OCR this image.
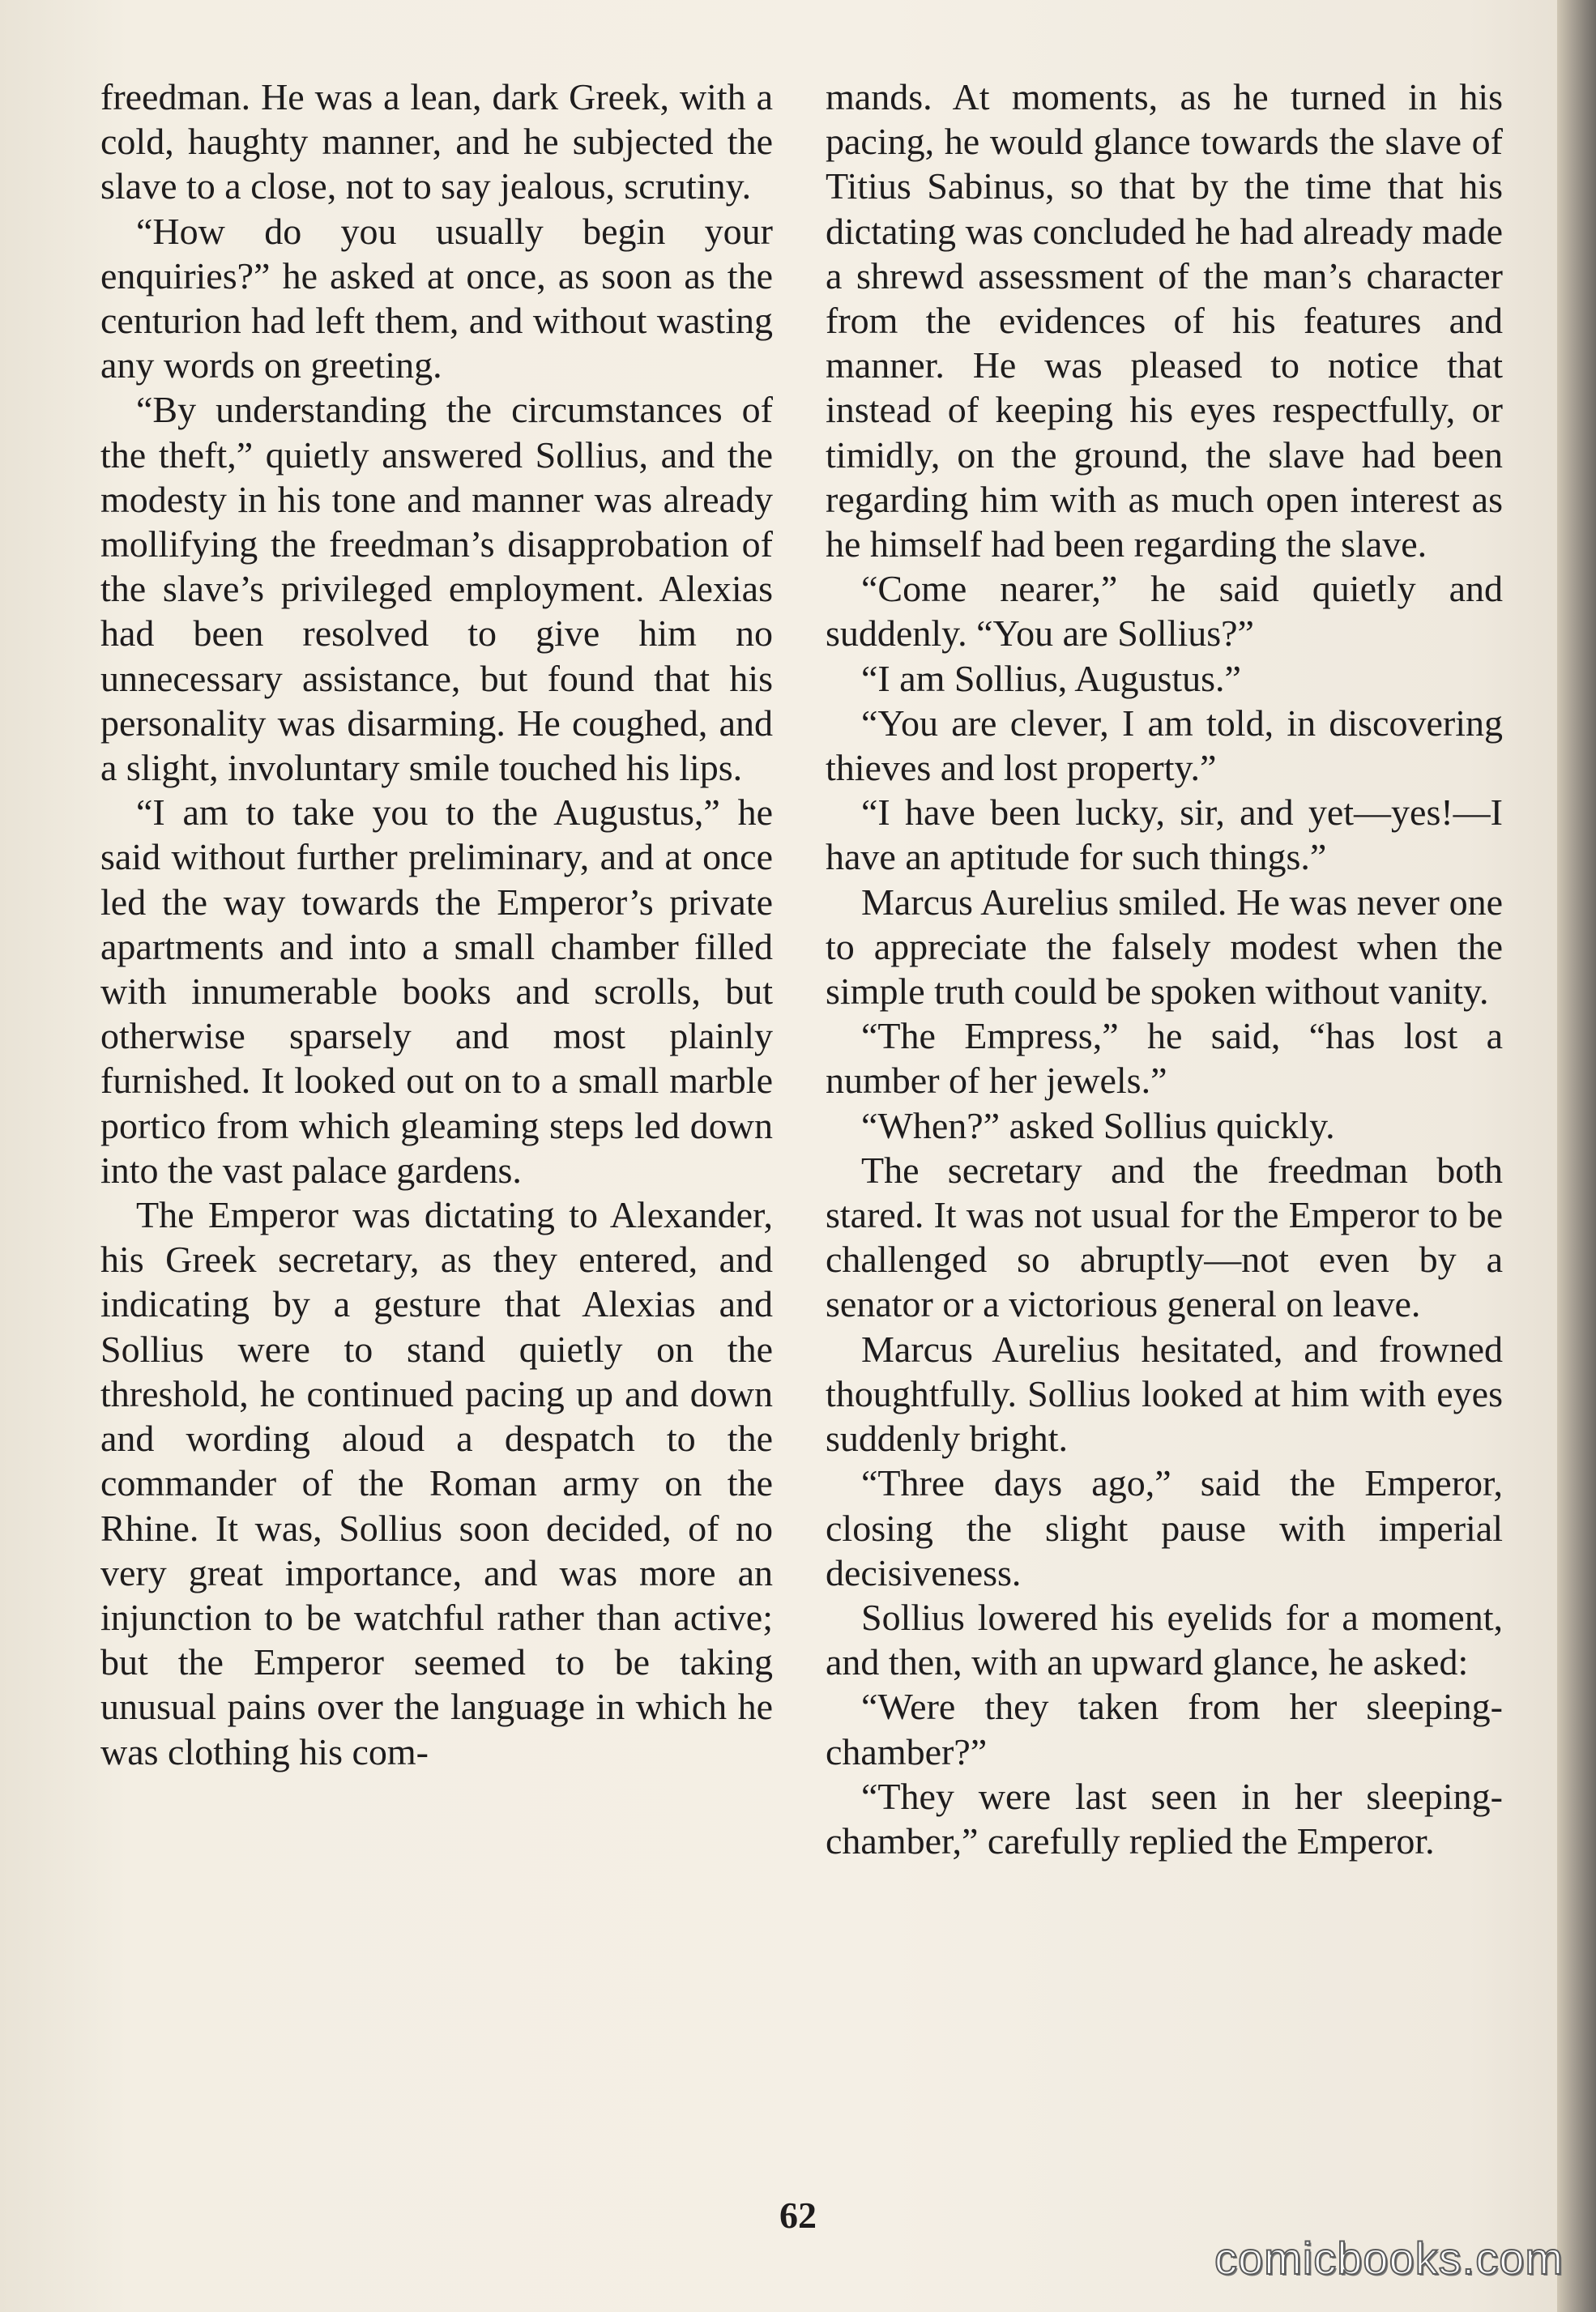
freedman. He was a lean, dark Greek, with a cold, haughty manner, and he subjected the slave to a close, not to say jealous, scrutiny.

“How do you usually begin your enquiries?” he asked at once, as soon as the centurion had left them, and without wasting any words on greeting.

“By understanding the circumstances of the theft,” quietly answered Sollius, and the modesty in his tone and manner was already mollifying the freedman’s disapprobation of the slave’s privileged employment. Alexias had been resolved to give him no unnecessary assistance, but found that his personality was disarming. He coughed, and a slight, involuntary smile touched his lips.

“I am to take you to the Augustus,” he said without further preliminary, and at once led the way towards the Emperor’s private apartments and into a small chamber filled with innumerable books and scrolls, but otherwise sparsely and most plainly furnished. It looked out on to a small marble portico from which gleaming steps led down into the vast palace gardens.

The Emperor was dictating to Alexander, his Greek secretary, as they entered, and indicating by a gesture that Alexias and Sollius were to stand quietly on the threshold, he continued pacing up and down and wording aloud a despatch to the commander of the Roman army on the Rhine. It was, Sollius soon decided, of no very great importance, and was more an injunction to be watchful rather than active; but the Emperor seemed to be taking unusual pains over the language in which he was clothing his com-

mands. At moments, as he turned in his pacing, he would glance towards the slave of Titius Sabinus, so that by the time that his dictating was concluded he had already made a shrewd assessment of the man’s character from the evidences of his features and manner. He was pleased to notice that instead of keeping his eyes respectfully, or timidly, on the ground, the slave had been regarding him with as much open interest as he himself had been regarding the slave.

“Come nearer,” he said quietly and suddenly. “You are Sollius?”

“I am Sollius, Augustus.”

“You are clever, I am told, in discovering thieves and lost property.”

“I have been lucky, sir, and yet—yes!—I have an aptitude for such things.”

Marcus Aurelius smiled. He was never one to appreciate the falsely modest when the simple truth could be spoken without vanity.

“The Empress,” he said, “has lost a number of her jewels.”

“When?” asked Sollius quickly.

The secretary and the freedman both stared. It was not usual for the Emperor to be challenged so abruptly—not even by a senator or a victorious general on leave.

Marcus Aurelius hesitated, and frowned thoughtfully. Sollius looked at him with eyes suddenly bright.

“Three days ago,” said the Emperor, closing the slight pause with imperial decisiveness.

Sollius lowered his eyelids for a moment, and then, with an upward glance, he asked:

“Were they taken from her sleeping-chamber?”

“They were last seen in her sleeping-chamber,” carefully replied the Emperor.

62
comicbooks.com
